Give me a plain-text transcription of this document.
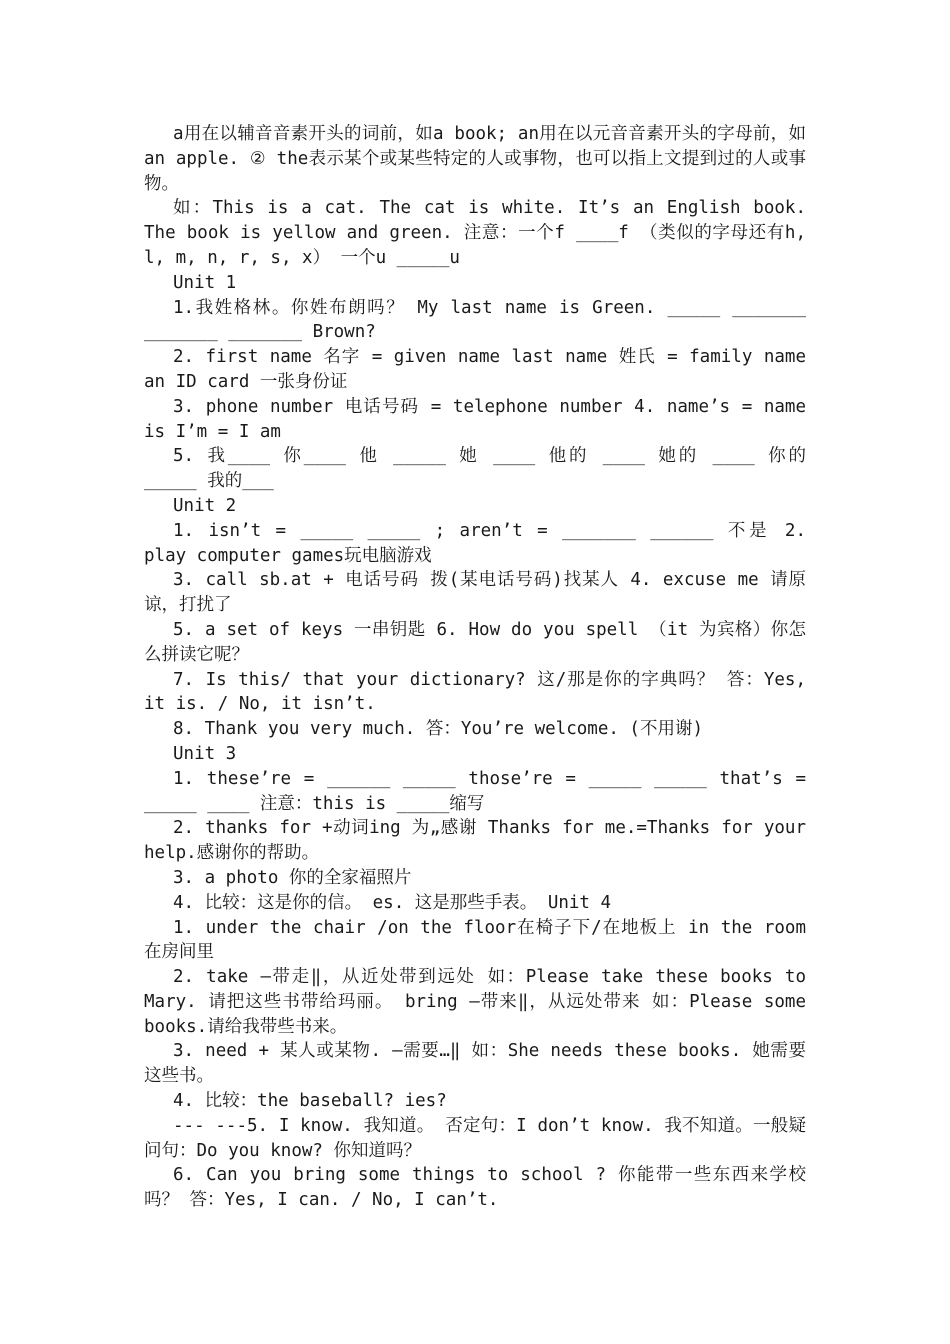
a用在以辅音音素开头的词前，如a book; an用在以元音音素开头的字母前，如an apple. ② the表示某个或某些特定的人或事物，也可以指上文提到过的人或事物。

如：This is a cat. The cat is white. It’s an English book. The book is yellow and green. 注意：一个f ____f （类似的字母还有h, l, m, n, r, s, x） 一个u _____u

Unit 1

1.我姓格林。你姓布朗吗？ My last name is Green. _____ _______ _______ _______ Brown?

2. first name 名字 = given name last name 姓氏 = family name an ID card 一张身份证

3. phone number 电话号码 = telephone number 4. name’s = name is I’m = I am

5. 我____ 你____ 他 _____ 她 ____ 他的 ____ 她的 ____ 你的 _____ 我的___

Unit 2

1. isn’t = _____ _____ ; aren’t = _______ ______ 不是 2. play computer games玩电脑游戏

3. call sb.at + 电话号码 拨(某电话号码)找某人 4. excuse me 请原谅，打扰了

5. a set of keys 一串钥匙 6. How do you spell （it 为宾格）你怎么拼读它呢？

7. Is this/ that your dictionary? 这/那是你的字典吗？ 答：Yes, it is. / No, it isn’t.

8. Thank you very much. 答：You’re welcome. (不用谢)

Unit 3

1. these’re = ______ _____ those’re = _____ _____ that’s = _____ ____ 注意：this is _____缩写

2. thanks for +动词ing 为„感谢 Thanks for me.=Thanks for your help.感谢你的帮助。

3. a photo 你的全家福照片

4. 比较：这是你的信。 es. 这是那些手表。 Unit 4

1. under the chair /on the floor在椅子下/在地板上 in the room 在房间里

2. take ―带走‖，从近处带到远处 如：Please take these books to Mary. 请把这些书带给玛丽。 bring ―带来‖，从远处带来 如：Please some books.请给我带些书来。

3. need + 某人或某物. ―需要…‖ 如：She needs these books. 她需要这些书。

4. 比较：the baseball? ies?

--- ---5. I know. 我知道。 否定句：I don’t know. 我不知道。一般疑问句：Do you know? 你知道吗？

6. Can you bring some things to school ? 你能带一些东西来学校吗？ 答：Yes, I can. / No, I can’t.
